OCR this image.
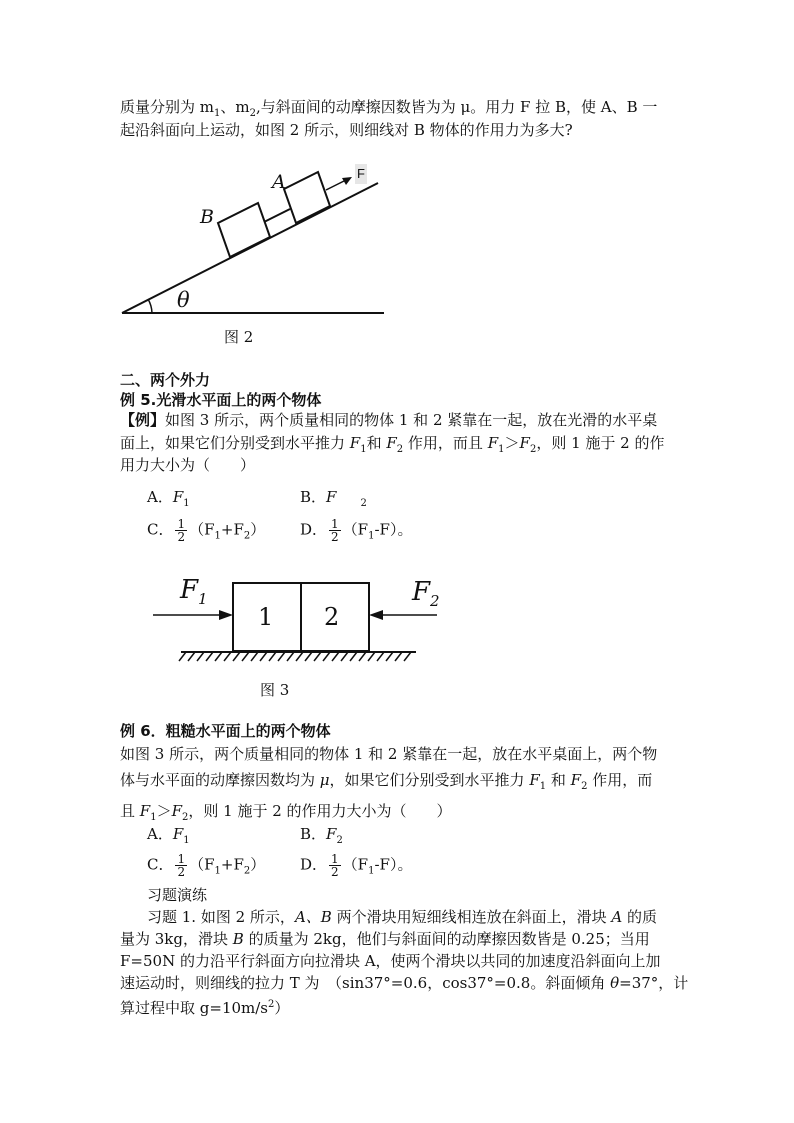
质量分别为 $m_1$、$m_2$,与斜面间的动摩擦因数皆为为 μ。用力 F 拉 B，使 A、B 一
起沿斜面向上运动，如图 2 所示，则细线对 B 物体的作用力为多大?
A
B
F
θ
图 2
二、两个外力
例 5.光滑水平面上的两个物体
【例】如图 3 所示，两个质量相同的物体 1 和 2 紧靠在一起，放在光滑的水平桌
面上，如果它们分别受到水平推力 $F_1$和 $F_2$ 作用，而且 $F_1>F_2$，则 1 施于 2 的作
用力大小为（　　）
A．$F_1$	B．F $_2$
C． $\frac{1}{2} (F_1+F_2)$ D． $\frac{1}{2} (F_1-F)$。
$F_1$	$F_2$
1 2
图 3
例 6．粗糙水平面上的两个物体
如图 3 所示，两个质量相同的物体 1 和 2 紧靠在一起，放在水平桌面上，两个物
体与水平面的动摩擦因数均为 μ，如果它们分别受到水平推力 $F_1$ 和 $F_2$ 作用，而
且 $F_1>F_2$，则 1 施于 2 的作用力大小为（　　）
A．$F_1$	B．$F_2$
C． $\frac{1}{2} (F_1+F_2)$ D． $\frac{1}{2} (F_1-F)$。
习题演练
习题 1. 如图 2 所示，A、B 两个滑块用短细线相连放在斜面上，滑块 A 的质
量为 3kg，滑块 B 的质量为 2kg，他们与斜面间的动摩擦因数皆是 0.25；当用
F=50N 的力沿平行斜面方向拉滑块 A，使两个滑块以共同的加速度沿斜面向上加
速运动时，则细线的拉力 T 为　（sin37°=0.6，cos37°=0.8。斜面倾角 θ=37°，计
算过程中取 $g=10m/s^2$）
